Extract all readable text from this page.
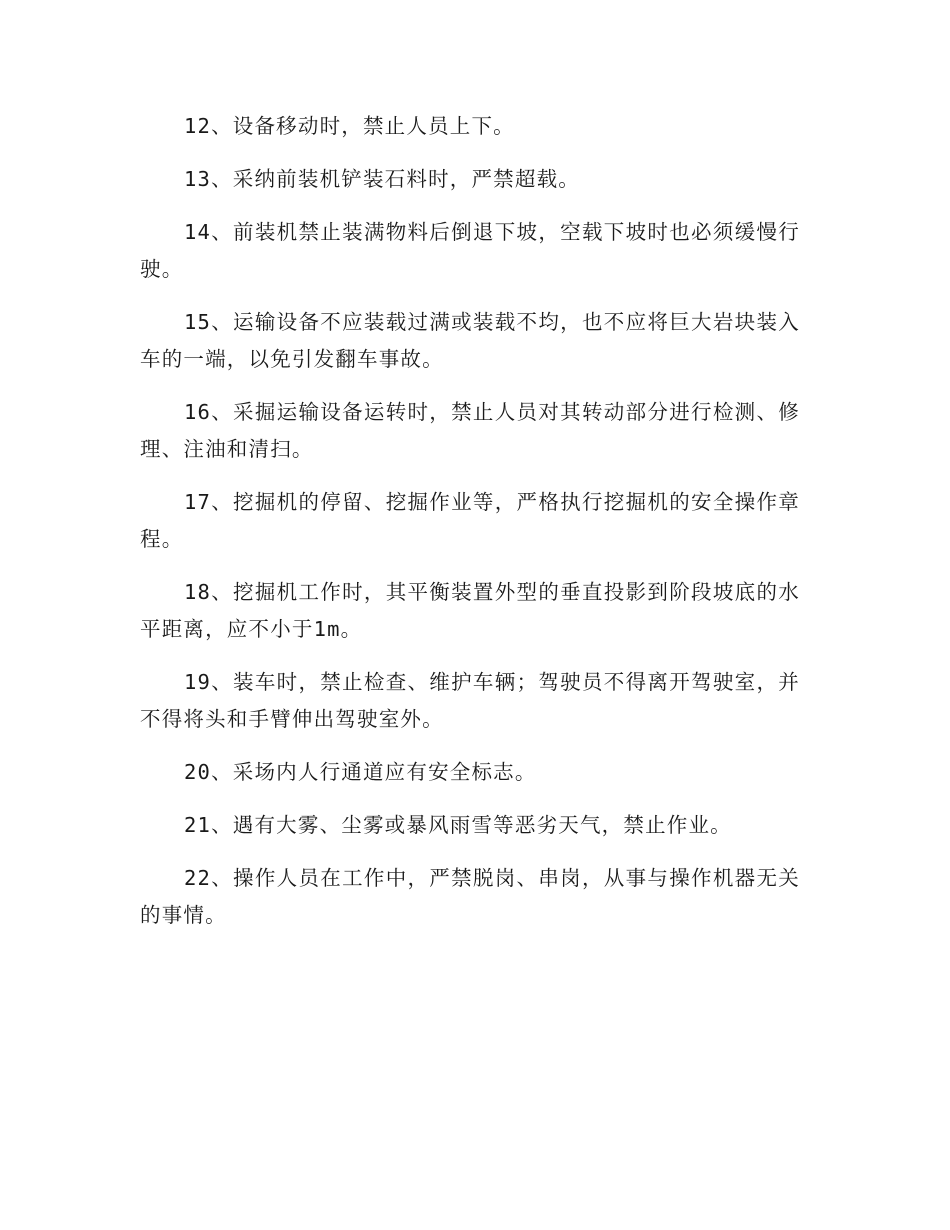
12、设备移动时，禁止人员上下。

13、采纳前装机铲装石料时，严禁超载。

14、前装机禁止装满物料后倒退下坡，空载下坡时也必须缓慢行驶。

15、运输设备不应装载过满或装载不均，也不应将巨大岩块装入车的一端，以免引发翻车事故。

16、采掘运输设备运转时，禁止人员对其转动部分进行检测、修理、注油和清扫。

17、挖掘机的停留、挖掘作业等，严格执行挖掘机的安全操作章程。

18、挖掘机工作时，其平衡装置外型的垂直投影到阶段坡底的水平距离，应不小于1m。

19、装车时，禁止检查、维护车辆；驾驶员不得离开驾驶室，并不得将头和手臂伸出驾驶室外。

20、采场内人行通道应有安全标志。

21、遇有大雾、尘雾或暴风雨雪等恶劣天气，禁止作业。

22、操作人员在工作中，严禁脱岗、串岗，从事与操作机器无关的事情。
